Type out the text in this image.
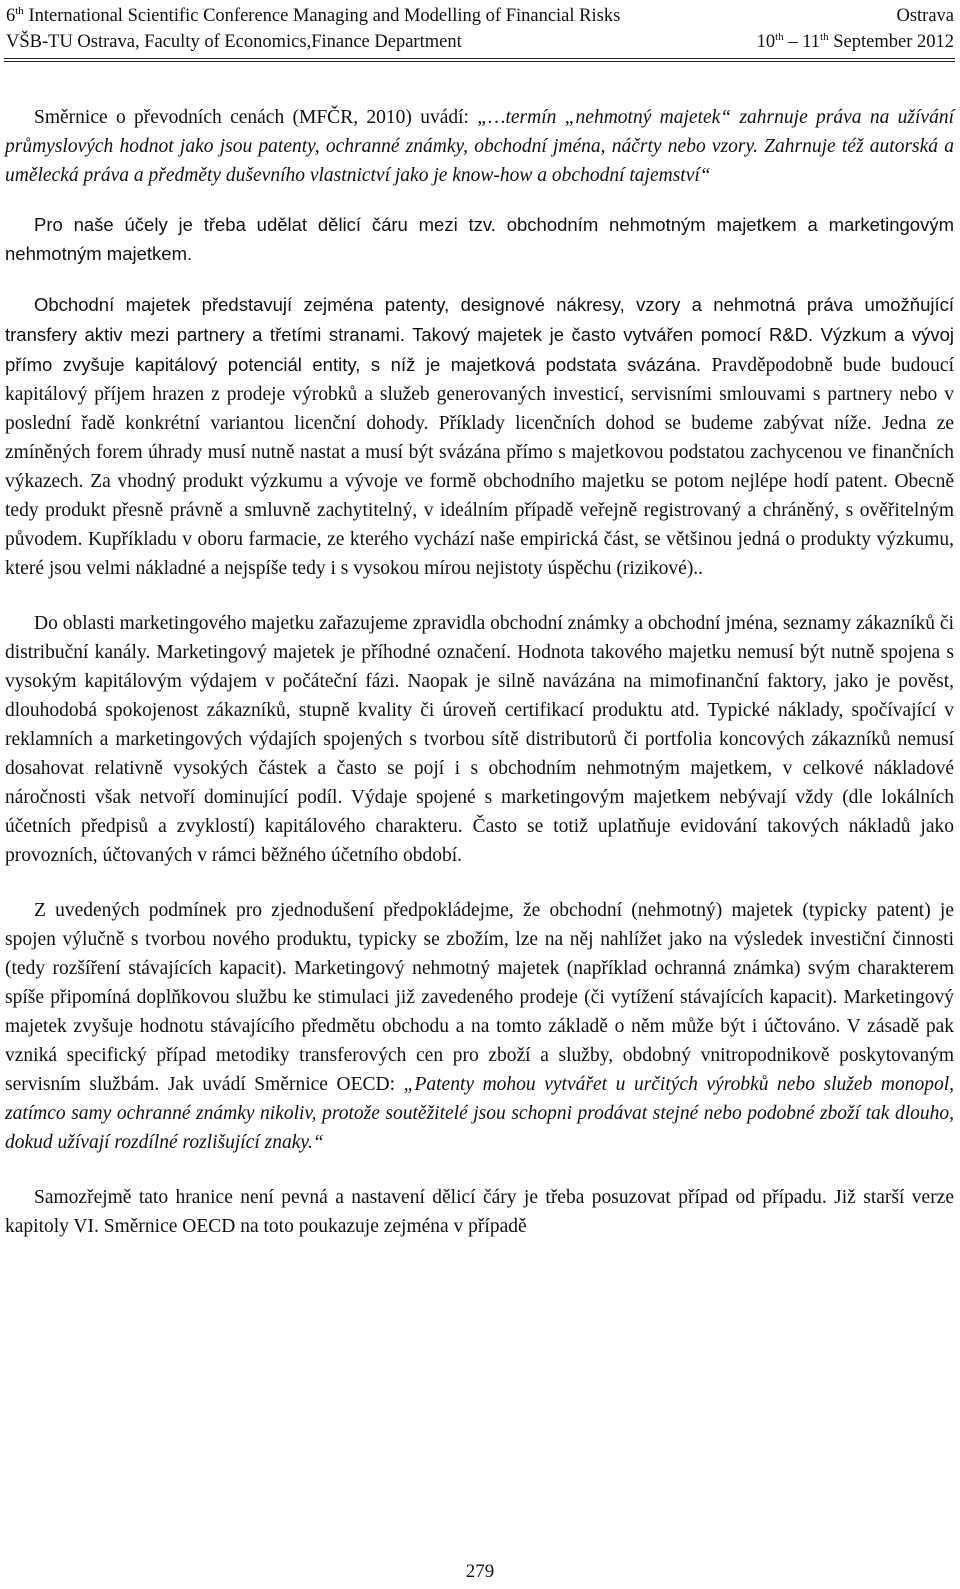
6th International Scientific Conference Managing and Modelling of Financial Risks	Ostrava
VŠB-TU Ostrava, Faculty of Economics,Finance Department	10th – 11th September 2012

Směrnice o převodních cenách (MFČR, 2010) uvádí: „…termín „nehmotný majetek“ zahrnuje práva na užívání průmyslových hodnot jako jsou patenty, ochranné známky, obchodní jména, náčrty nebo vzory. Zahrnuje též autorská a umělecká práva a předměty duševního vlastnictví jako je know-how a obchodní tajemství“

Pro naše účely je třeba udělat dělicí čáru mezi tzv. obchodním nehmotným majetkem a marketingovým nehmotným majetkem.

Obchodní majetek představují zejména patenty, designové nákresy, vzory a nehmotná práva umožňující transfery aktiv mezi partnery a třetími stranami. Takový majetek je často vytvářen pomocí R&D. Výzkum a vývoj přímo zvyšuje kapitálový potenciál entity, s níž je majetková podstata svázána. Pravděpodobně bude budoucí kapitálový příjem hrazen z prodeje výrobků a služeb generovaných investicí, servisními smlouvami s partnery nebo v poslední řadě konkrétní variantou licenční dohody. Příklady licenčních dohod se budeme zabývat níže. Jedna ze zmíněných forem úhrady musí nutně nastat a musí být svázána přímo s majetkovou podstatou zachycenou ve finančních výkazech. Za vhodný produkt výzkumu a vývoje ve formě obchodního majetku se potom nejlépe hodí patent. Obecně tedy produkt přesně právně a smluvně zachytitelný, v ideálním případě veřejně registrovaný a chráněný, s ověřitelným původem. Kupříkladu v oboru farmacie, ze kterého vychází naše empirická část, se většinou jedná o produkty výzkumu, které jsou velmi nákladné a nejspíše tedy i s vysokou mírou nejistoty úspěchu (rizikové)..

Do oblasti marketingového majetku zařazujeme zpravidla obchodní známky a obchodní jména, seznamy zákazníků či distribuční kanály. Marketingový majetek je příhodné označení. Hodnota takového majetku nemusí být nutně spojena s vysokým kapitálovým výdajem v počáteční fázi. Naopak je silně navázána na mimofinanční faktory, jako je pověst, dlouhodobá spokojenost zákazníků, stupně kvality či úroveň certifikací produktu atd. Typické náklady, spočívající v reklamních a marketingových výdajích spojených s tvorbou sítě distributorů či portfolia koncových zákazníků nemusí dosahovat relativně vysokých částek a často se pojí i s obchodním nehmotným majetkem, v celkové nákladové náročnosti však netvoří dominující podíl. Výdaje spojené s marketingovým majetkem nebývají vždy (dle lokálních účetních předpisů a zvyklostí) kapitálového charakteru. Často se totiž uplatňuje evidování takových nákladů jako provozních, účtovaných v rámci běžného účetního období.

Z uvedených podmínek pro zjednodušení předpokládejme, že obchodní (nehmotný) majetek (typicky patent) je spojen výlučně s tvorbou nového produktu, typicky se zbožím, lze na něj nahlížet jako na výsledek investiční činnosti (tedy rozšíření stávajících kapacit). Marketingový nehmotný majetek (například ochranná známka) svým charakterem spíše připomíná doplňkovou službu ke stimulaci již zavedeného prodeje (či vytížení stávajících kapacit). Marketingový majetek zvyšuje hodnotu stávajícího předmětu obchodu a na tomto základě o něm může být i účtováno. V zásadě pak vzniká specifický případ metodiky transferových cen pro zboží a služby, obdobný vnitropodnikově poskytovaným servisním službám. Jak uvádí Směrnice OECD: „Patenty mohou vytvářet u určitých výrobků nebo služeb monopol, zatímco samy ochranné známky nikoliv, protože soutěžitelé jsou schopni prodávat stejné nebo podobné zboží tak dlouho, dokud užívají rozdílné rozlišující znaky.“

Samozřejmě tato hranice není pevná a nastavení dělicí čáry je třeba posuzovat případ od případu. Již starší verze kapitoly VI. Směrnice OECD na toto poukazuje zejména v případě

279
